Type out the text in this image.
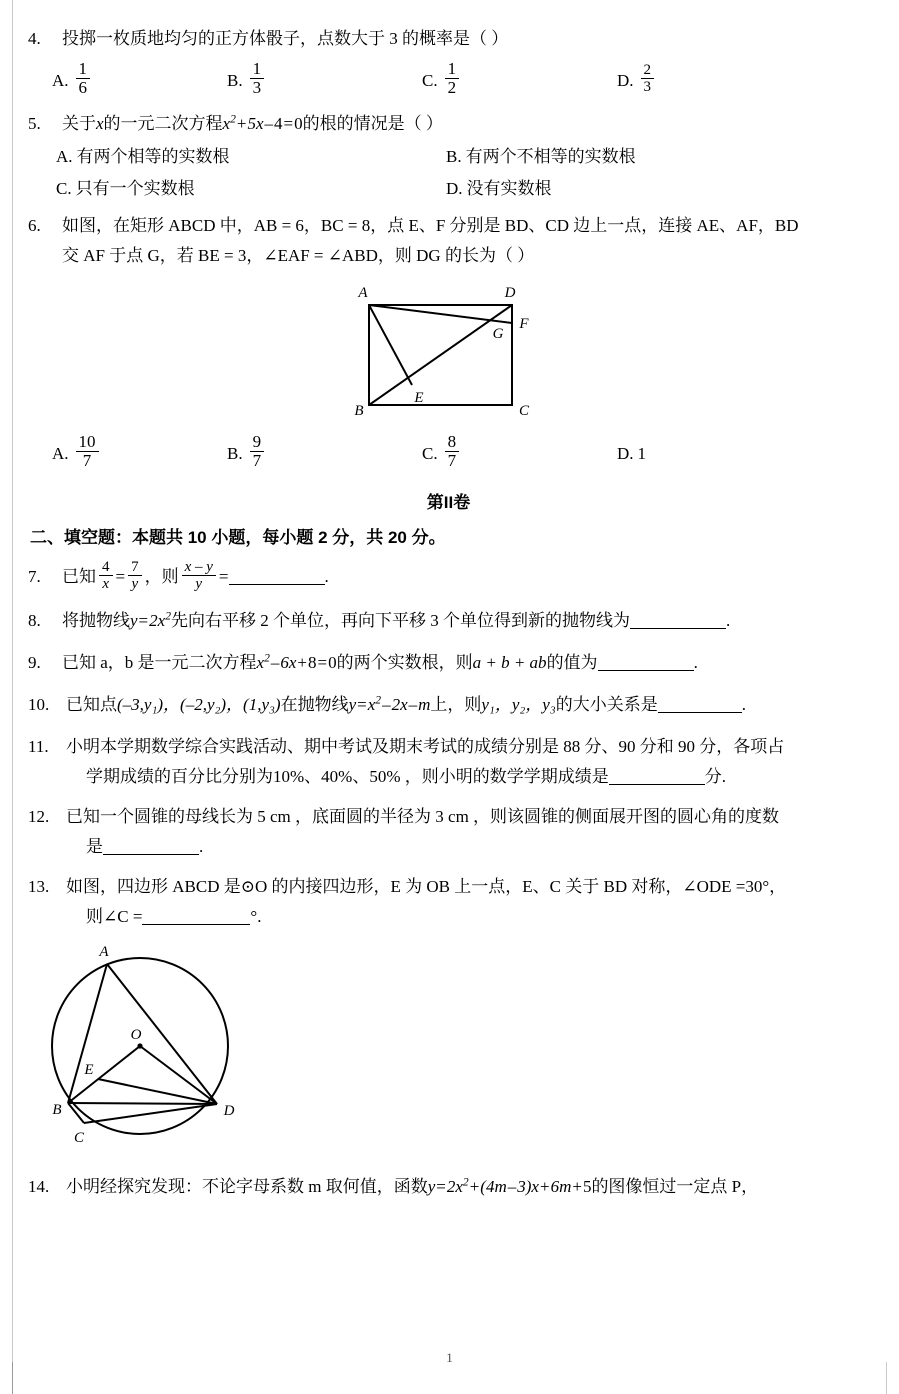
4.	投掷一枚质地均匀的正方体骰子，点数大于 3 的概率是（ ）
A. $\frac{1}{6}$	B. $\frac{1}{3}$	C. $\frac{1}{2}$	D. $\frac{2}{3}$
5.	关于x的一元二次方程$x^2+5x-4=0$的根的情况是（ ）
A. 有两个相等的实数根	B. 有两个不相等的实数根
C. 只有一个实数根	D. 没有实数根
6.	如图，在矩形 ABCD 中，AB = 6，BC = 8，点 E、F 分别是 BD、CD 边上一点，连接 AE、AF，BD
交 AF 于点 G，若 BE = 3，∠EAF = ∠ABD，则 DG 的长为（ ）
A	D
F
G
E
B	C
A. $\frac{10}{7}$	B. $\frac{9}{7}$	C. $\frac{8}{7}$	D. 1
第II卷
二、填空题：本题共 10 小题，每小题 2 分，共 20 分。
7.	已知 $\frac{4}{x} = \frac{7}{y}$ ，则 $\frac{x - y}{y}$ =	.
8.	将抛物线$y=2x^2$先向右平移 2 个单位，再向下平移 3 个单位得到新的抛物线为	.
9.	已知 a，b 是一元二次方程$x^2-6x+8=0$的两个实数根，则a + b + ab的值为	.
10. 已知点(–3,y₁)，(–2,y₂)，(1,y₃)在抛物线$y=x^2-2x-m$上，则y₁，y₂，y₃的大小关系是	.
11.	小明本学期数学综合实践活动、期中考试及期末考试的成绩分别是 88 分、90 分和 90 分，各项占
学期成绩的百分比分别为10%、40%、50% ，则小明的数学学期成绩是	分.
12. 已知一个圆锥的母线长为 5 cm ，底面圆的半径为 3 cm ，则该圆锥的侧面展开图的圆心角的度数
是	.
13. 如图，四边形 ABCD 是⊙O 的内接四边形，E 为 OB 上一点，E、C 关于 BD 对称，∠ODE =30°，
则∠C =	°.
A
O
E
B
C
D
14. 小明经探究发现：不论字母系数 m 取何值，函数$y=2x^2+(4m-3)x+6m+5$的图像恒过一定点 P，
1
